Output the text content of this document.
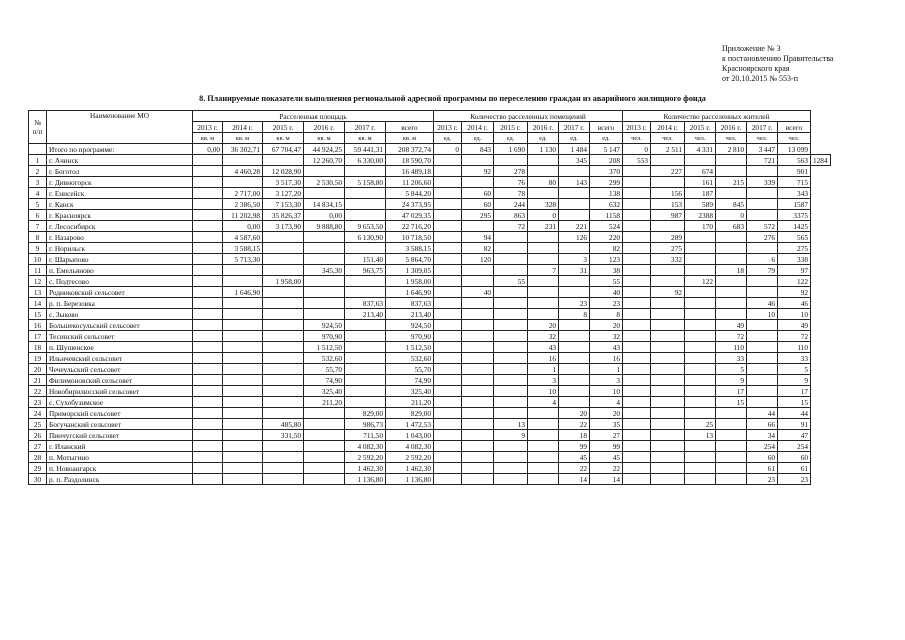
Приложение № 3
к постановлению Правительства
Красноярского края
от 20.10.2015 № 553-п
8. Планируемые показатели выполнения региональной адресной программы по переселению граждан из аварийного жилищного фонда
№ п/п	Наименование МО	Расселенная площадь						Количество расселенных помещений						Количество расселенных жителей						
		2013 г.	2014 г.	2015 г.	2016 г.	2017 г.	всего	2013 г.	2014 г.	2015 г.	2016 г.	2017 г.	всего	2013 г.	2014 г.	2015 г.	2016 г.	2017 г.	всего	
		кв. м	кв. м	кв. м	кв. м	кв. м	кв. м	ед.	ед.	ед.	ед.	ед.	ед.	чел.	чел.	чел.	чел.	чел.	чел.	
	Итого по программе:	0,00	36 302,71	67 704,47	44 924,25	59 441,31	208 372,74	0	843	1 690	1 130	1 484	5 147	0	2 511	4 331	2 810	3 447	13 099	
1	г. Ачинск				12 260,70	6 330,00	18 590,70					345	208	553				721	563	1284
2	г. Боготол		4 460,28	12 028,90			16 489,18		92	278			370		227	674			901	
3	г. Дивногорск			3 517,30	2 530,50	5 158,80	11 206,60			76	80	143	299			161	215	339	715	
4	г. Енисейск		2 717,00	3 127,20			5 844,20		60	78			138		156	187			343	
5	г. Канск		2 386,50	7 153,30	14 834,15		24 373,95		60	244	328		632		153	589	845		1587	
6	г. Красноярск		11 202,98	35 826,37	0,00		47 029,35		295	863	0		1158		987	2388	0		3375	
7	г. Лесосибирск		0,00	3 173,90	9 888,80	9 653,50	22 716,20			72	231	221	524			170	683	572	1425	
8	г. Назарово		4 587,60			6 130,90	10 718,50		94			126	220		289			276	565	
9	г. Норильск		3 588,15				3 588,15		82				82		275				275	
10	г. Шарыпово		5 713,30			151,40	5 864,70		120			3	123		332			6	338	
11	п. Емельяново				345,30	963,75	1 309,05				7	31	38				18	79	97	
12	с. Подтесово			1 958,00			1 958,00			55			55			122			122	
13	Родниковский сельсовет		1 646,90				1 646,90		40				40		92				92	
14	р. п. Березовка					837,63	837,63					23	23					46	46	
15	с. Зыково					213,40	213,40					8	8					10	10	
16	Большекосульский сельсовет				924,50		924,50				20		20				49		49	
17	Тесинский сельсовет				970,90		970,90				32		32				72		72	
18	п. Шушенское				1 512,50		1 512,50				43		43				110		110	
19	Ильичевский сельсовет				532,60		532,60				16		16				33		33	
20	Чечеульский сельсовет				55,70		55,70				1		1				5		5	
21	Филимоновский сельсовет				74,90		74,90				3		3				9		9	
22	Новобирилюсский сельсовет				325,40		325,40				10		10				17		17	
23	с. Сухобузимское				211,20		211,20				4		4				15		15	
24	Приморский сельсовет					829,00	829,00					20	20					44	44	
25	Богучанский сельсовет			485,80		986,73	1 472,53			13		22	35			25		66	91	
26	Пинчугский сельсовет			331,50		711,50	1 043,00			9		18	27			13		34	47	
27	г. Иланский					4 082,30	4 082,30					99	99					254	254	
28	п. Мотыгино					2 592,20	2 592,20					45	45					60	60	
29	п. Новоангарск					1 462,30	1 462,30					22	22					61	61	
30	р. п. Раздолинск					1 136,80	1 136,80					14	14					23	23	
